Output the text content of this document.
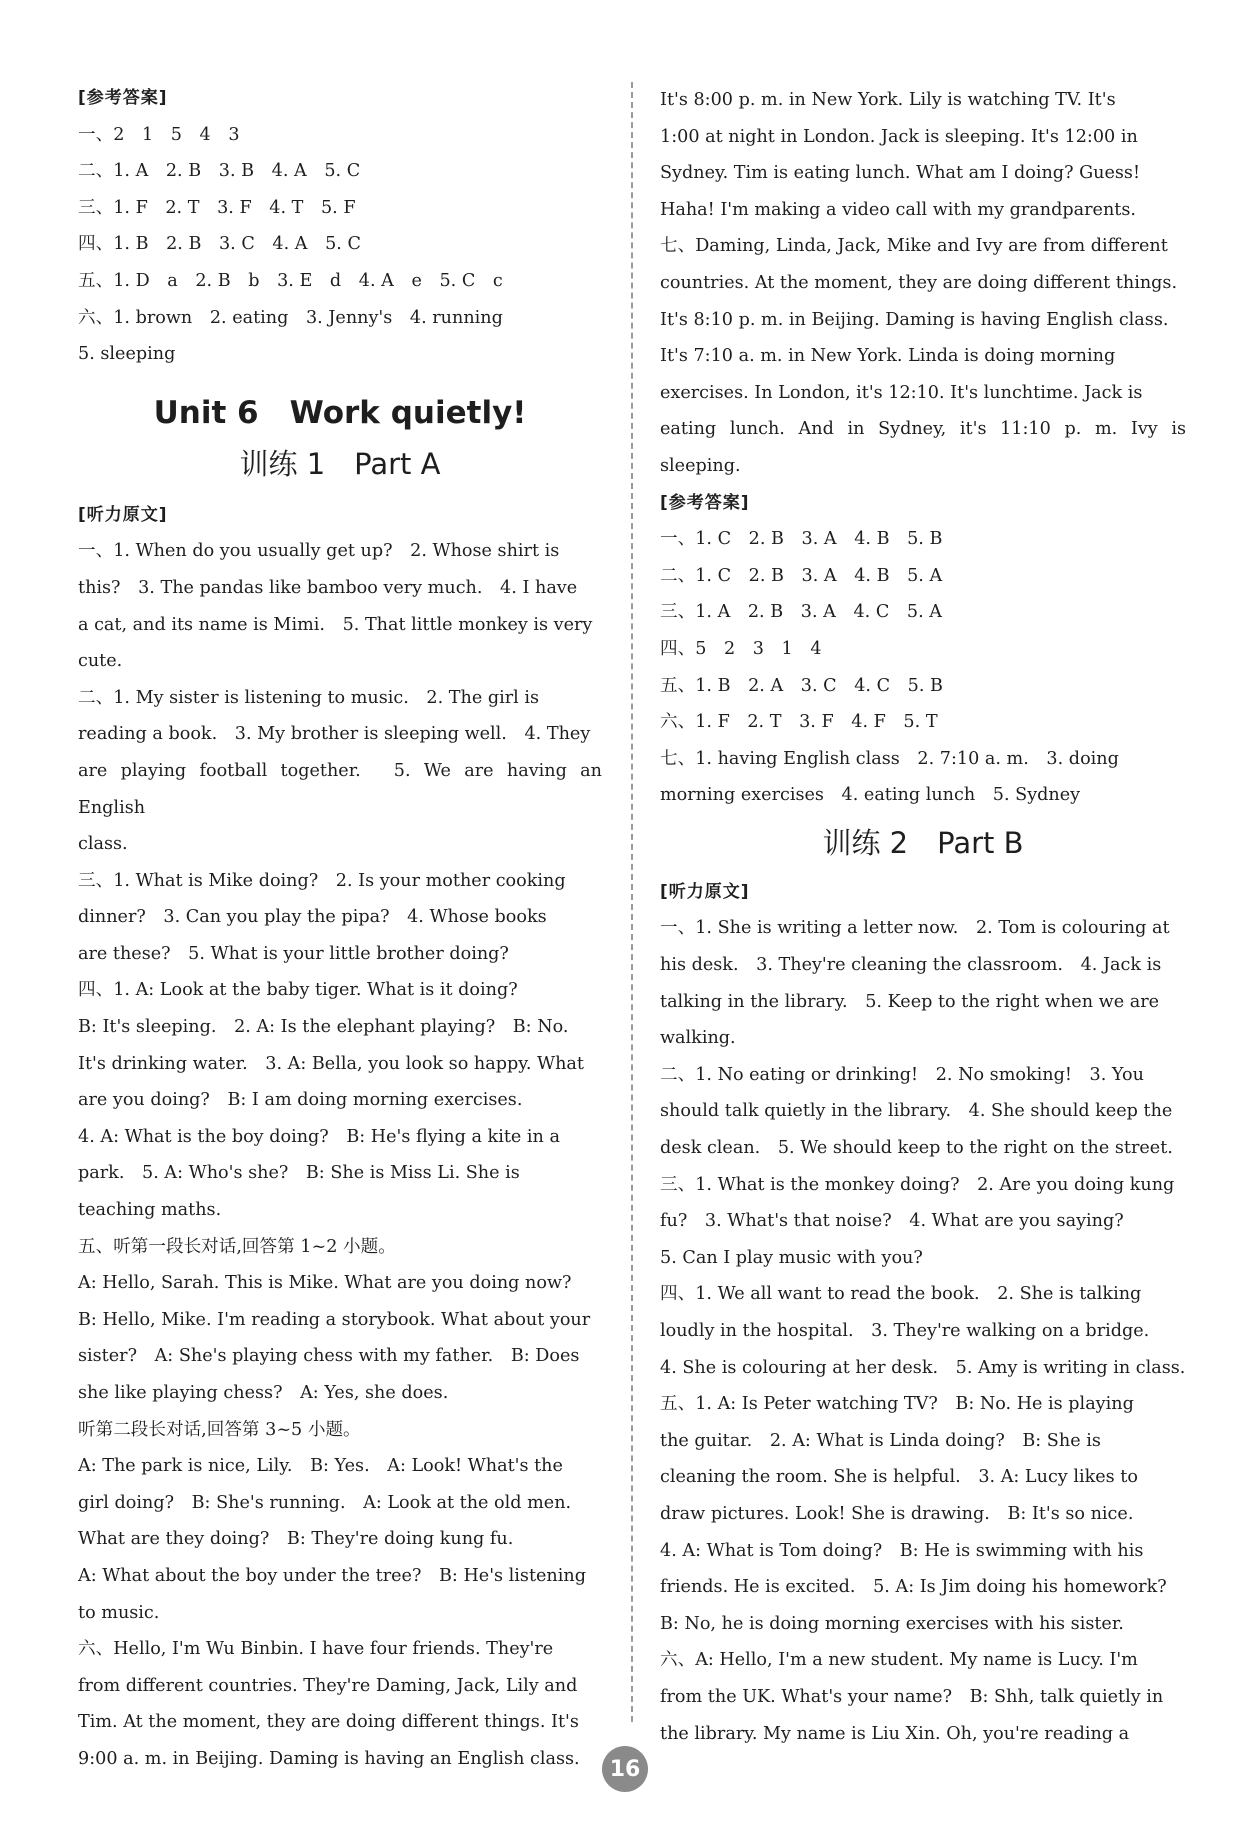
[参考答案]

一、2　1　5　4　3

二、1. A　2. B　3. B　4. A　5. C

三、1. F　2. T　3. F　4. T　5. F

四、1. B　2. B　3. C　4. A　5. C

五、1. D　a　2. B　b　3. E　d　4. A　e　5. C　c

六、1. brown　2. eating　3. Jenny's　4. running

5. sleeping

Unit 6　Work quietly!
训练 1　Part A

[听力原文]

一、1. When do you usually get up?　2. Whose shirt is

this?　3. The pandas like bamboo very much.　4. I have

a cat, and its name is Mimi.　5. That little monkey is very

cute.

二、1. My sister is listening to music.　2. The girl is

reading a book.　3. My brother is sleeping well.　4. They

are playing football together.　5. We are having an English

class.

三、1. What is Mike doing?　2. Is your mother cooking

dinner?　3. Can you play the pipa?　4. Whose books

are these?　5. What is your little brother doing?

四、1. A: Look at the baby tiger. What is it doing?

B: It's sleeping.　2. A: Is the elephant playing?　B: No.

It's drinking water.　3. A: Bella, you look so happy. What

are you doing?　B: I am doing morning exercises.

4. A: What is the boy doing?　B: He's flying a kite in a

park.　5. A: Who's she?　B: She is Miss Li. She is

teaching maths.

五、听第一段长对话,回答第 1~2 小题。

A: Hello, Sarah. This is Mike. What are you doing now?

B: Hello, Mike. I'm reading a storybook. What about your

sister?　A: She's playing chess with my father.　B: Does

she like playing chess?　A: Yes, she does.

听第二段长对话,回答第 3~5 小题。

A: The park is nice, Lily.　B: Yes.　A: Look! What's the

girl doing?　B: She's running.　A: Look at the old men.

What are they doing?　B: They're doing kung fu.

A: What about the boy under the tree?　B: He's listening

to music.

六、Hello, I'm Wu Binbin. I have four friends. They're

from different countries. They're Daming, Jack, Lily and

Tim. At the moment, they are doing different things. It's

9:00 a. m. in Beijing. Daming is having an English class.

It's 8:00 p. m. in New York. Lily is watching TV. It's

1:00 at night in London. Jack is sleeping. It's 12:00 in

Sydney. Tim is eating lunch. What am I doing? Guess!

Haha! I'm making a video call with my grandparents.

七、Daming, Linda, Jack, Mike and Ivy are from different

countries. At the moment, they are doing different things.

It's 8:10 p. m. in Beijing. Daming is having English class.

It's 7:10 a. m. in New York. Linda is doing morning

exercises. In London, it's 12:10. It's lunchtime. Jack is

eating lunch. And in Sydney, it's 11:10 p. m. Ivy is sleeping.

[参考答案]

一、1. C　2. B　3. A　4. B　5. B

二、1. C　2. B　3. A　4. B　5. A

三、1. A　2. B　3. A　4. C　5. A

四、5　2　3　1　4

五、1. B　2. A　3. C　4. C　5. B

六、1. F　2. T　3. F　4. F　5. T

七、1. having English class　2. 7:10 a. m.　3. doing

morning exercises　4. eating lunch　5. Sydney

训练 2　Part B

[听力原文]

一、1. She is writing a letter now.　2. Tom is colouring at

his desk.　3. They're cleaning the classroom.　4. Jack is

talking in the library.　5. Keep to the right when we are

walking.

二、1. No eating or drinking!　2. No smoking!　3. You

should talk quietly in the library.　4. She should keep the

desk clean.　5. We should keep to the right on the street.

三、1. What is the monkey doing?　2. Are you doing kung

fu?　3. What's that noise?　4. What are you saying?

5. Can I play music with you?

四、1. We all want to read the book.　2. She is talking

loudly in the hospital.　3. They're walking on a bridge.

4. She is colouring at her desk.　5. Amy is writing in class.

五、1. A: Is Peter watching TV?　B: No. He is playing

the guitar.　2. A: What is Linda doing?　B: She is

cleaning the room. She is helpful.　3. A: Lucy likes to

draw pictures. Look! She is drawing.　B: It's so nice.

4. A: What is Tom doing?　B: He is swimming with his

friends. He is excited.　5. A: Is Jim doing his homework?

B: No, he is doing morning exercises with his sister.

六、A: Hello, I'm a new student. My name is Lucy. I'm

from the UK. What's your name?　B: Shh, talk quietly in

the library. My name is Liu Xin. Oh, you're reading a

16
